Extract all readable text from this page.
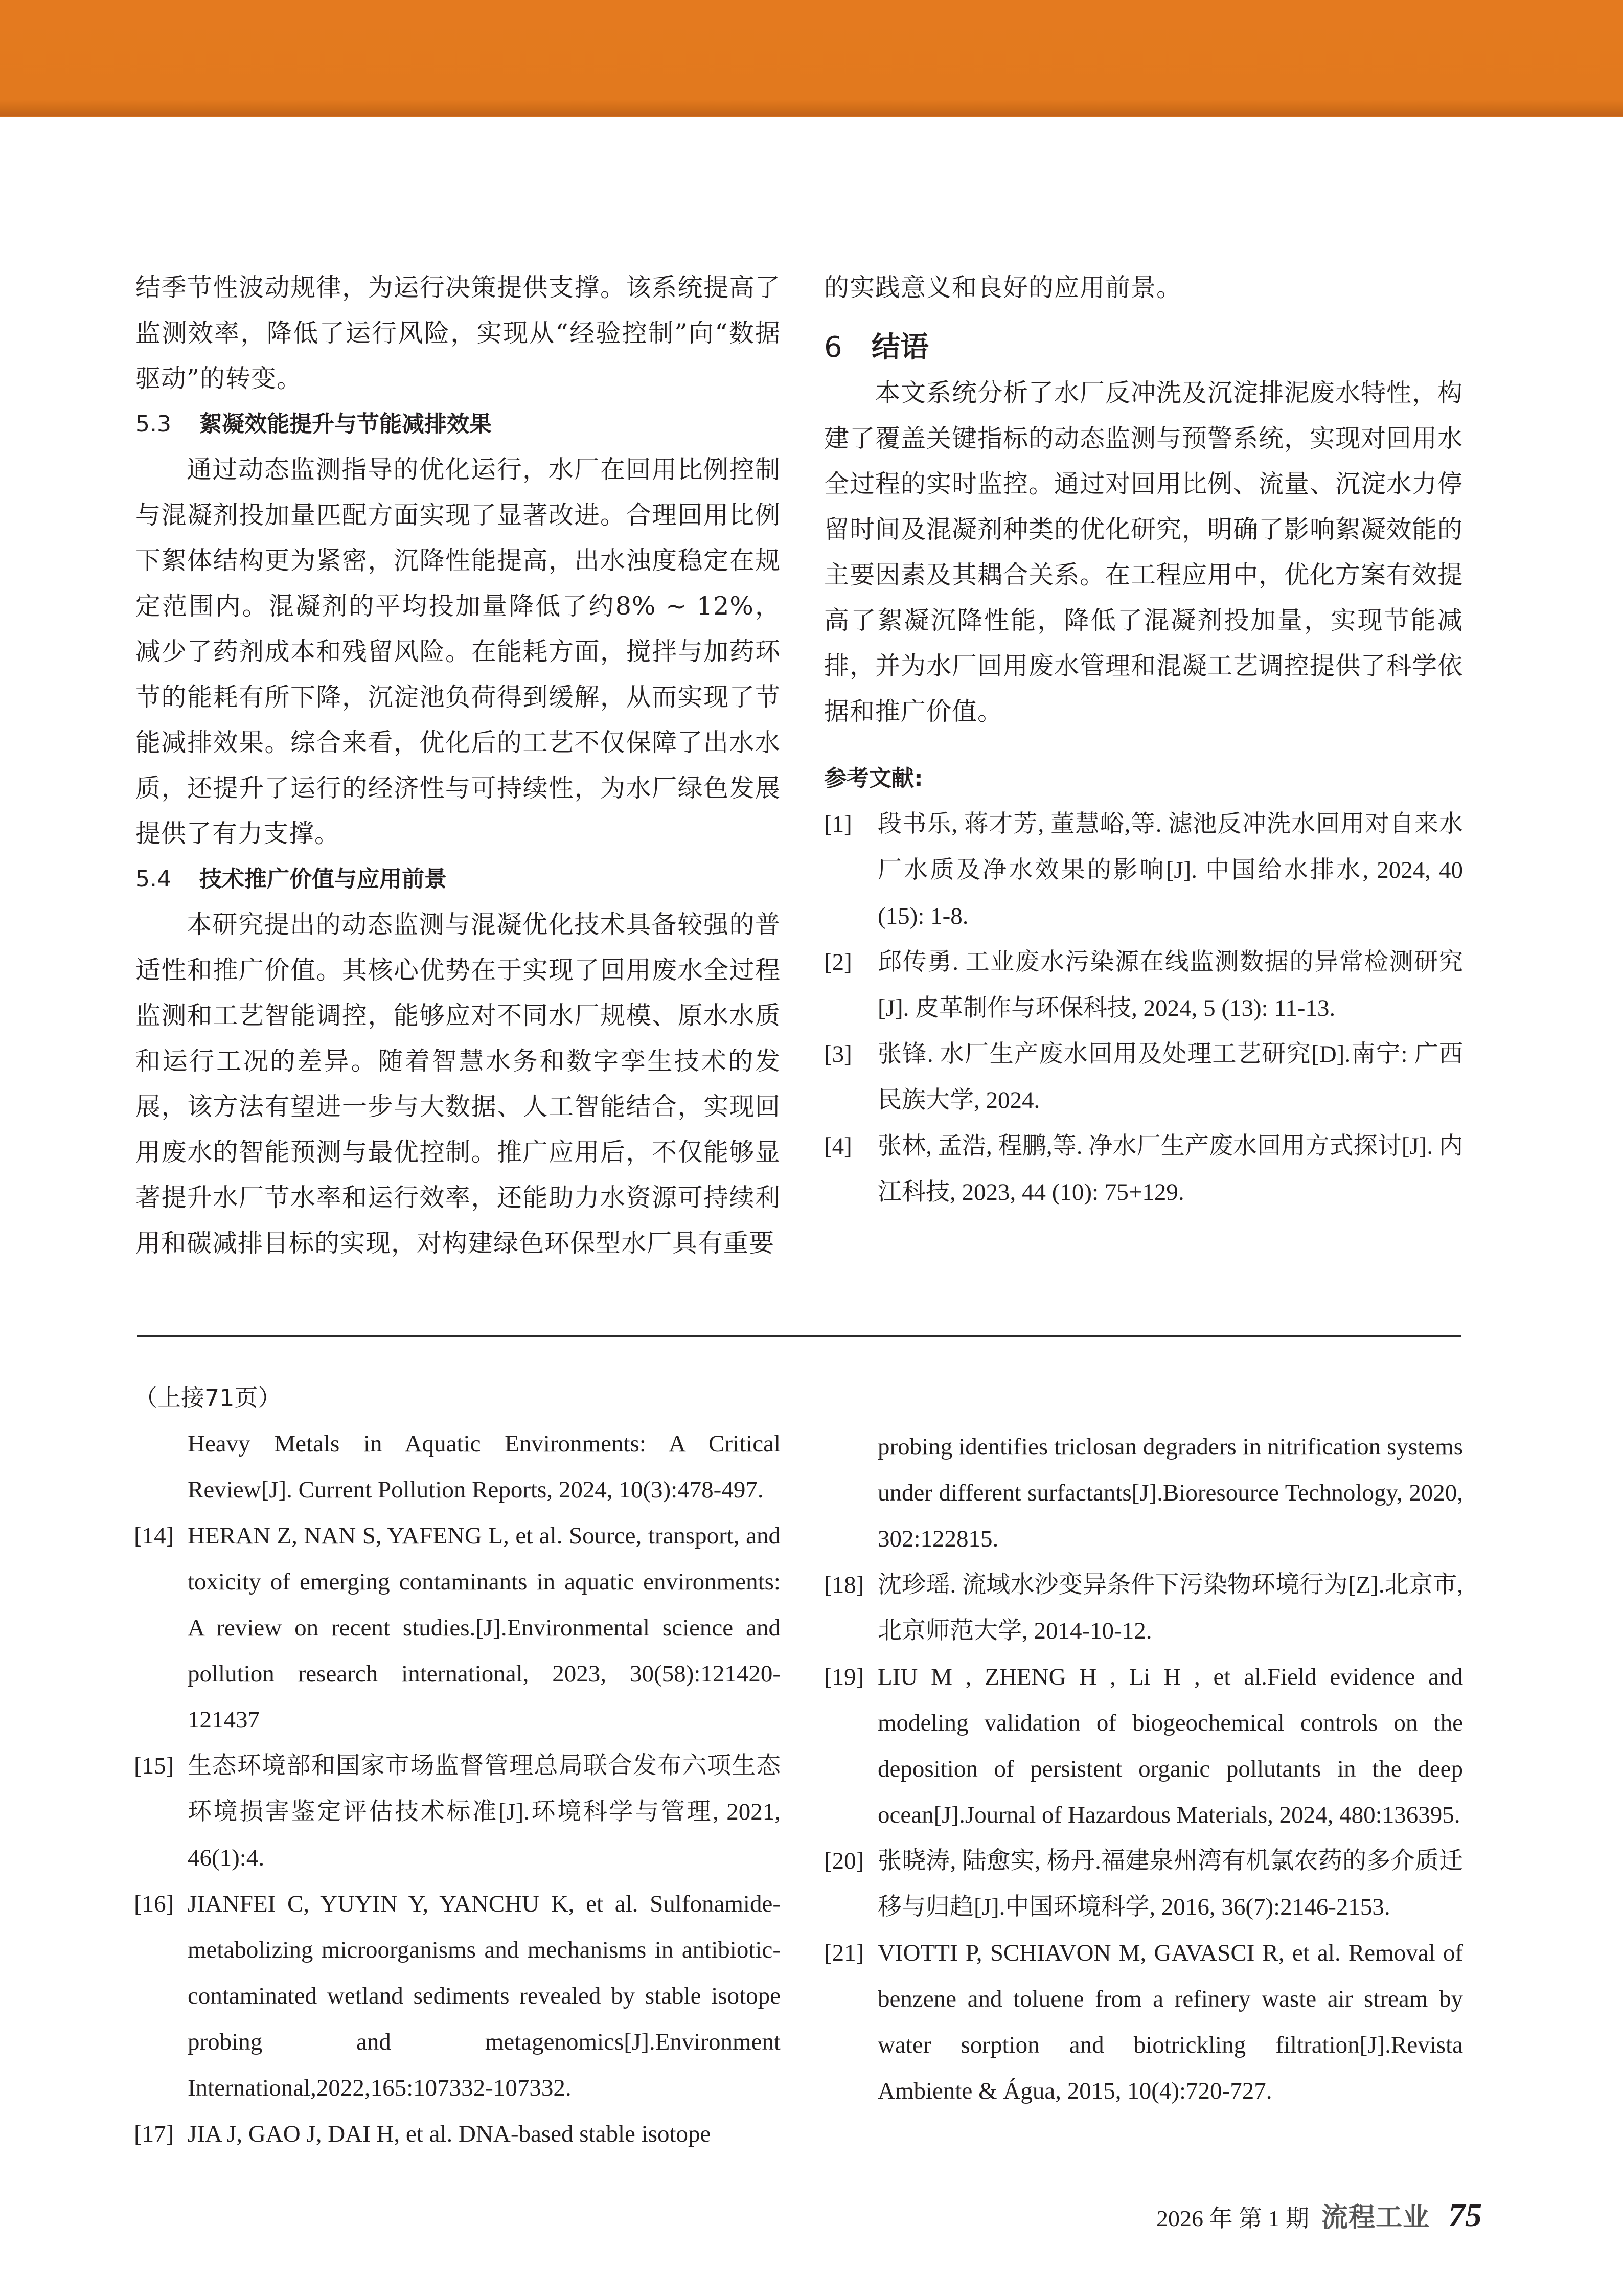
结季节性波动规律，为运行决策提供支撑。该系统提高了监测效率，降低了运行风险，实现从“经验控制”向“数据驱动”的转变。

5.3 絮凝效能提升与节能减排效果

通过动态监测指导的优化运行，水厂在回用比例控制与混凝剂投加量匹配方面实现了显著改进。合理回用比例下絮体结构更为紧密，沉降性能提高，出水浊度稳定在规定范围内。混凝剂的平均投加量降低了约8% ~ 12%，减少了药剂成本和残留风险。在能耗方面，搅拌与加药环节的能耗有所下降，沉淀池负荷得到缓解，从而实现了节能减排效果。综合来看，优化后的工艺不仅保障了出水水质，还提升了运行的经济性与可持续性，为水厂绿色发展提供了有力支撑。

5.4 技术推广价值与应用前景

本研究提出的动态监测与混凝优化技术具备较强的普适性和推广价值。其核心优势在于实现了回用废水全过程监测和工艺智能调控，能够应对不同水厂规模、原水水质和运行工况的差异。随着智慧水务和数字孪生技术的发展，该方法有望进一步与大数据、人工智能结合，实现回用废水的智能预测与最优控制。推广应用后，不仅能够显著提升水厂节水率和运行效率，还能助力水资源可持续利用和碳减排目标的实现，对构建绿色环保型水厂具有重要

的实践意义和良好的应用前景。

6 结语

本文系统分析了水厂反冲洗及沉淀排泥废水特性，构建了覆盖关键指标的动态监测与预警系统，实现对回用水全过程的实时监控。通过对回用比例、流量、沉淀水力停留时间及混凝剂种类的优化研究，明确了影响絮凝效能的主要因素及其耦合关系。在工程应用中，优化方案有效提高了絮凝沉降性能，降低了混凝剂投加量，实现节能减排，并为水厂回用废水管理和混凝工艺调控提供了科学依据和推广价值。

参考文献:

[1] 段书乐, 蒋才芳, 董慧峪,等. 滤池反冲洗水回用对自来水厂水质及净水效果的影响[J]. 中国给水排水, 2024, 40 (15): 1-8.

[2] 邱传勇. 工业废水污染源在线监测数据的异常检测研究[J]. 皮革制作与环保科技, 2024, 5 (13): 11-13.

[3] 张锋. 水厂生产废水回用及处理工艺研究[D].南宁: 广西民族大学, 2024.

[4] 张林, 孟浩, 程鹏,等. 净水厂生产废水回用方式探讨[J]. 内江科技, 2023, 44 (10): 75+129.

（上接71页）

Heavy Metals in Aquatic Environments: A Critical Review[J]. Current Pollution Reports, 2024, 10(3):478-497.

[14] HERAN Z, NAN S, YAFENG L, et al. Source, transport, and toxicity of emerging contaminants in aquatic environments: A review on recent studies.[J].Environmental science and pollution research international, 2023, 30(58):121420-121437

[15] 生态环境部和国家市场监督管理总局联合发布六项生态环境损害鉴定评估技术标准[J].环境科学与管理, 2021, 46(1):4.

[16] JIANFEI C, YUYIN Y, YANCHU K, et al. Sulfonamide-metabolizing microorganisms and mechanisms in antibiotic-contaminated wetland sediments revealed by stable isotope probing and metagenomics[J].Environment International,2022,165:107332-107332.

[17] JIA J, GAO J, DAI H, et al. DNA-based stable isotope

probing identifies triclosan degraders in nitrification systems under different surfactants[J].Bioresource Technology, 2020, 302:122815.

[18] 沈珍瑶. 流域水沙变异条件下污染物环境行为[Z].北京市, 北京师范大学, 2014-10-12.

[19] LIU M , ZHENG H , Li H , et al.Field evidence and modeling validation of biogeochemical controls on the deposition of persistent organic pollutants in the deep ocean[J].Journal of Hazardous Materials, 2024, 480:136395.

[20] 张晓涛, 陆愈实, 杨丹.福建泉州湾有机氯农药的多介质迁移与归趋[J].中国环境科学, 2016, 36(7):2146-2153.

[21] VIOTTI P, SCHIAVON M, GAVASCI R, et al. Removal of benzene and toluene from a refinery waste air stream by water sorption and biotrickling filtration[J].Revista Ambiente & Água, 2015, 10(4):720-727.

2026 年 第 1 期 流程工业 75
